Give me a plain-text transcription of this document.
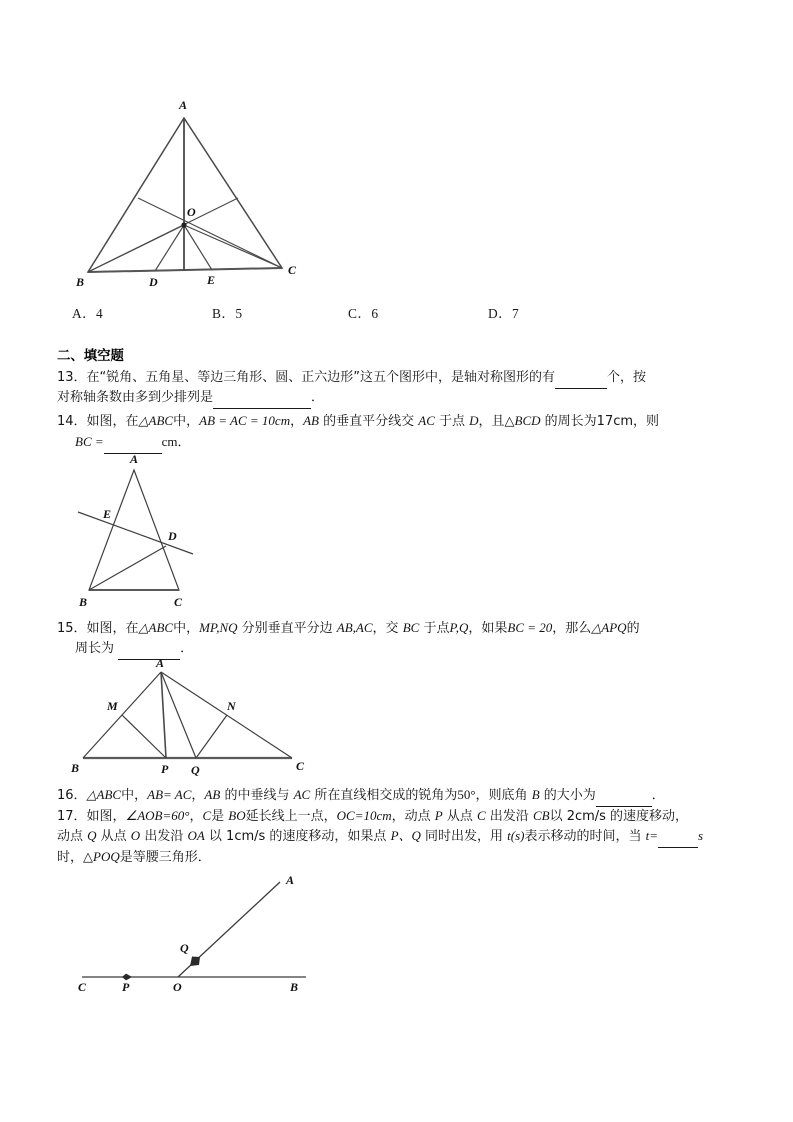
A
B
C
O
D	E
A．4	B．5	C．6	D．7
二、填空题
13．在“锐角、五角星、等边三角形、圆、正六边形”这五个图形中，是轴对称图形的有	个，按
对称轴条数由多到少排列是	．
14．如图，在△ABC中，AB = AC = 10cm，AB 的垂直平分线交 AC 于点 D，且△BCD 的周长为17cm，则
BC =	cm．
A
B	C
E
D
15．如图，在△ABC中，MP,NQ 分别垂直平分边 AB,AC，交 BC 于点P,Q，如果BC = 20，那么△APQ的
周长为	．
A
B	C
M	N
P Q
16．△ABC中，AB= AC，AB 的中垂线与 AC 所在直线相交成的锐角为50°，则底角 B 的大小为	．
17．如图，∠AOB=60°，C是 BO延长线上一点，OC=10cm，动点 P 从点 C 出发沿 CB以 2cm/s 的速度移动，
动点 Q 从点 O 出发沿 OA 以 1cm/s 的速度移动，如果点 P、Q 同时出发，用 t(s)表示移动的时间，当 t=	s
时，△POQ是等腰三角形．
C	P	O	B
Q
A
